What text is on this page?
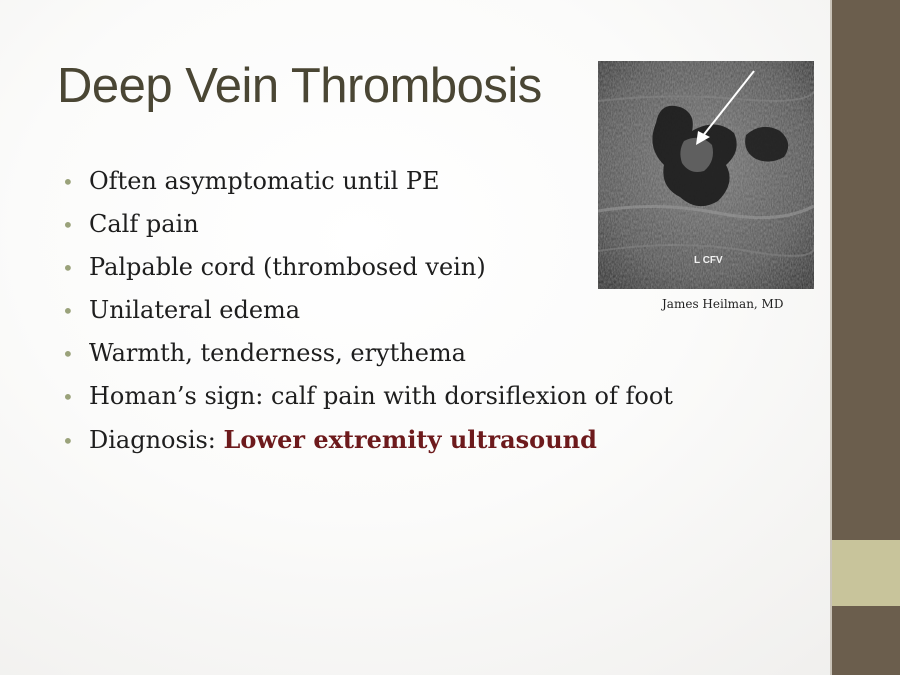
Deep Vein Thrombosis
• Often asymptomatic until PE
• Calf pain
• Palpable cord (thrombosed vein)
• Unilateral edema
• Warmth, tenderness, erythema
• Homan’s sign: calf pain with dorsiflexion of foot
• Diagnosis: Lower extremity ultrasound
L CFV
James Heilman, MD
